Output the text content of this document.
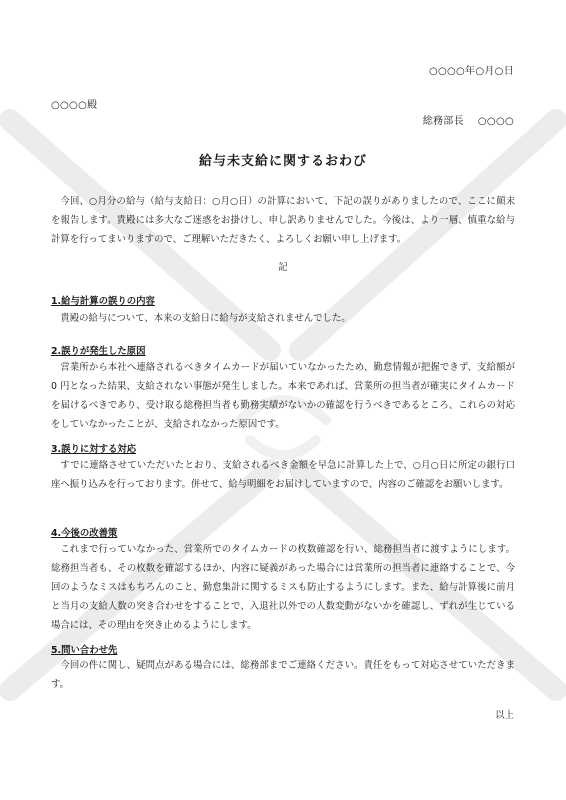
○○○○年○月○日
○○○○殿
総務部長 ○○○○
給与未支給に関するおわび

今回、○月分の給与（給与支給日：○月○日）の計算において、下記の誤りがありましたので、ここに顛末を報告します。貴殿には多大なご迷惑をお掛けし、申し訳ありませんでした。今後は、より一層、慎重な給与計算を行ってまいりますので、ご理解いただきたく、よろしくお願い申し上げます。

記

1.給与計算の誤りの内容

貴殿の給与について、本来の支給日に給与が支給されませんでした。

2.誤りが発生した原因

営業所から本社へ連絡されるべきタイムカードが届いていなかったため、勤怠情報が把握できず、支給額が 0 円となった結果、支給されない事態が発生しました。本来であれば、営業所の担当者が確実にタイムカードを届けるべきであり、受け取る総務担当者も勤務実績がないかの確認を行うべきであるところ、これらの対応をしていなかったことが、支給されなかった原因です。

3.誤りに対する対応

すでに連絡させていただいたとおり、支給されるべき金額を早急に計算した上で、○月○日に所定の銀行口座へ振り込みを行っております。併せて、給与明細をお届けしていますので、内容のご確認をお願いします。

4.今後の改善策

これまで行っていなかった、営業所でのタイムカードの枚数確認を行い、総務担当者に渡すようにします。総務担当者も、その枚数を確認するほか、内容に疑義があった場合には営業所の担当者に連絡することで、今回のようなミスはもちろんのこと、勤怠集計に関するミスも防止するようにします。また、給与計算後に前月と当月の支給人数の突き合わせをすることで、入退社以外での人数変動がないかを確認し、ずれが生じている場合には、その理由を突き止めるようにします。

5.問い合わせ先

今回の件に関し、疑問点がある場合には、総務部までご連絡ください。責任をもって対応させていただきます。

以上
